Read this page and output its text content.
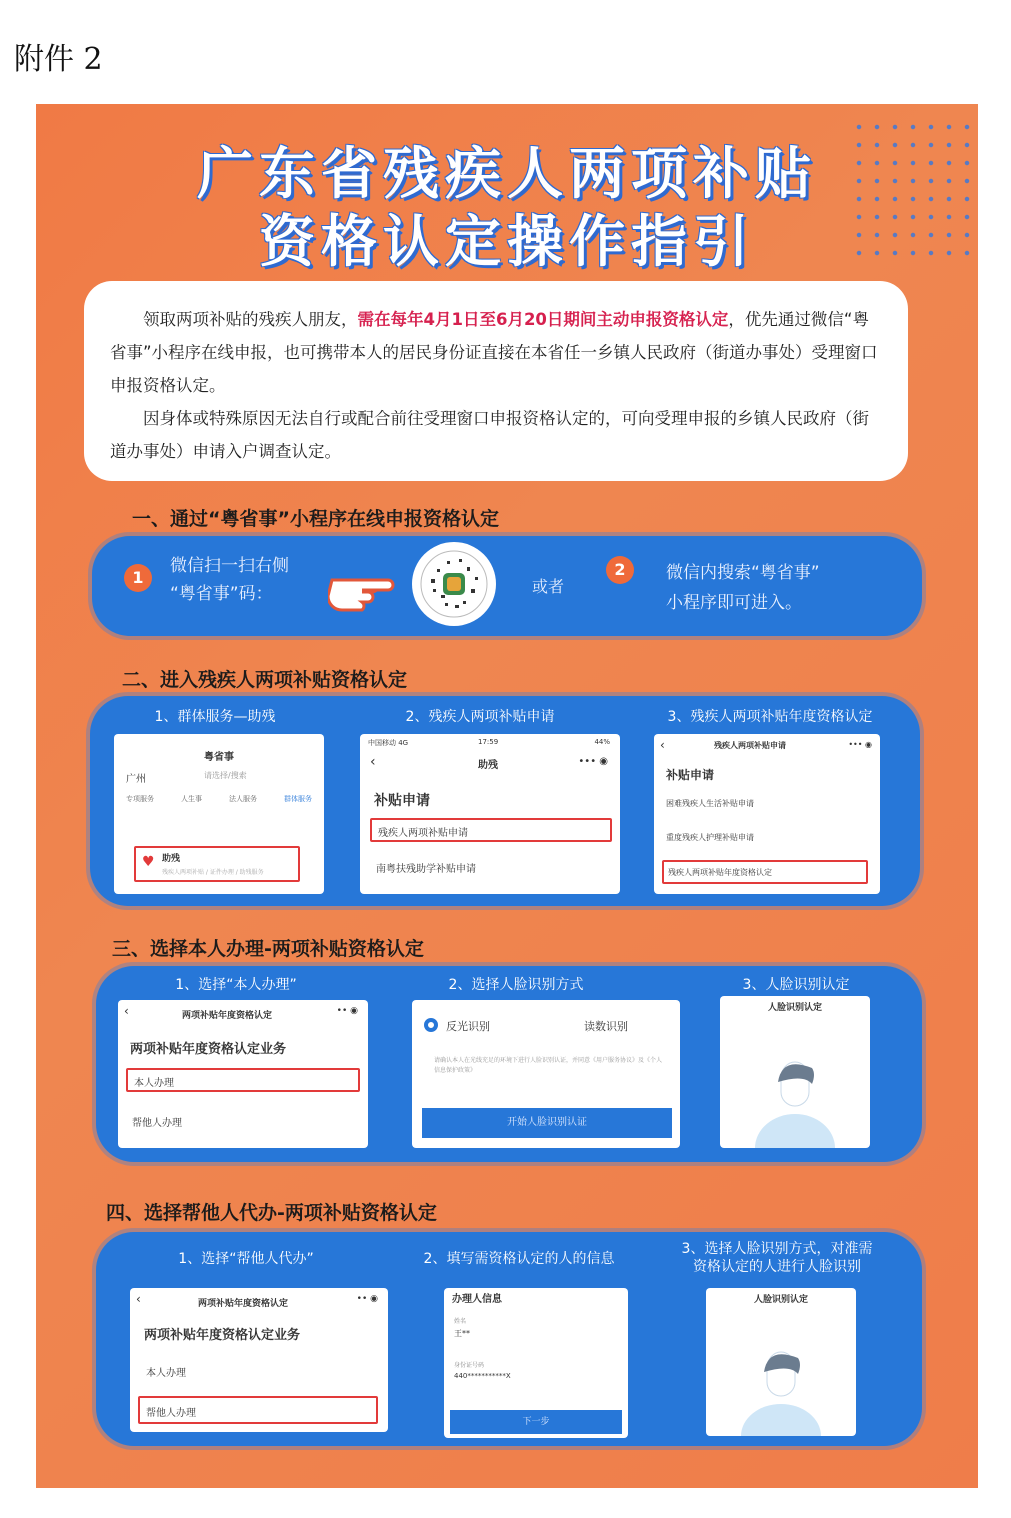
附件 2
广东省残疾人两项补贴
资格认定操作指引

领取两项补贴的残疾人朋友，需在每年4月1日至6月20日期间主动申报资格认定，优先通过微信“粤省事”小程序在线申报，也可携带本人的居民身份证直接在本省任一乡镇人民政府（街道办事处）受理窗口申报资格认定。

因身体或特殊原因无法自行或配合前往受理窗口申报资格认定的，可向受理申报的乡镇人民政府（街道办事处）申请入户调查认定。

一、通过“粤省事”小程序在线申报资格认定
1
微信扫一扫右侧
“粤省事”码：	或者
2	微信内搜索“粤省事”
小程序即可进入。
二、进入残疾人两项补贴资格认定
1、群体服务—助残	2、残疾人两项补贴申请	3、残疾人两项补贴年度资格认定
粤省事
广州	请选择/搜索
专项服务	人生事	法人服务	群体服务
♥ 助残
残疾人两项补贴 / 证件办理 / 助残服务
中国移动 4G	17:59	44%
‹	助残	••• ◉
补贴申请
残疾人两项补贴申请
南粤扶残助学补贴申请
‹	残疾人两项补贴申请	••• ◉
补贴申请
困难残疾人生活补贴申请
重度残疾人护理补贴申请
残疾人两项补贴年度资格认定
三、选择本人办理-两项补贴资格认定
1、选择“本人办理”	2、选择人脸识别方式	3、人脸识别认定
‹	两项补贴年度资格认定	•• ◉
两项补贴年度资格认定业务
本人办理
帮他人办理
反光识别	读数识别
请确认本人在光线充足的环境下进行人脸识别认证，并同意《用户服务协议》及《个人信息保护政策》
开始人脸识别认证
人脸识别认定
四、选择帮他人代办-两项补贴资格认定
1、选择“帮他人代办”	2、填写需资格认定的人的信息
3、选择人脸识别方式，对准需
资格认定的人进行人脸识别
‹	两项补贴年度资格认定	•• ◉
两项补贴年度资格认定业务
本人办理
帮他人办理
办理人信息
姓名
王**
身份证号码
440***********X
下一步
人脸识别认定
